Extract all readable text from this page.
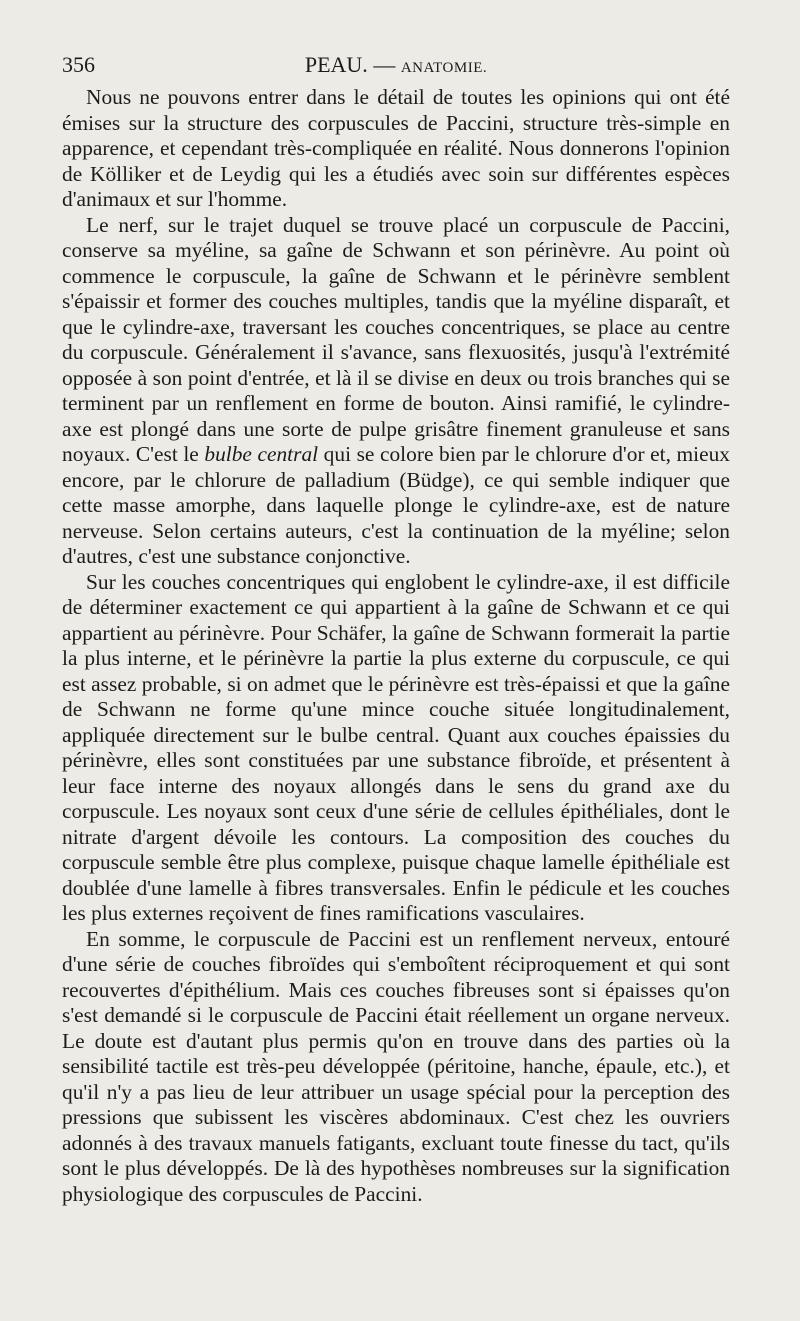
356	PEAU. — ANATOMIE.

Nous ne pouvons entrer dans le détail de toutes les opinions qui ont été émises sur la structure des corpuscules de Paccini, structure très-simple en apparence, et cependant très-compliquée en réalité. Nous donnerons l'opinion de Kölliker et de Leydig qui les a étudiés avec soin sur différentes espèces d'animaux et sur l'homme.

Le nerf, sur le trajet duquel se trouve placé un corpuscule de Paccini, conserve sa myéline, sa gaîne de Schwann et son périnèvre. Au point où commence le corpuscule, la gaîne de Schwann et le périnèvre semblent s'épaissir et former des couches multiples, tandis que la myéline disparaît, et que le cylindre-axe, traversant les couches concentriques, se place au centre du corpuscule. Généralement il s'avance, sans flexuosités, jusqu'à l'extrémité opposée à son point d'entrée, et là il se divise en deux ou trois branches qui se terminent par un renflement en forme de bouton. Ainsi ramifié, le cylindre-axe est plongé dans une sorte de pulpe grisâtre finement granuleuse et sans noyaux. C'est le bulbe central qui se colore bien par le chlorure d'or et, mieux encore, par le chlorure de palladium (Büdge), ce qui semble indiquer que cette masse amorphe, dans laquelle plonge le cylindre-axe, est de nature nerveuse. Selon certains auteurs, c'est la continuation de la myéline; selon d'autres, c'est une substance conjonctive.

Sur les couches concentriques qui englobent le cylindre-axe, il est difficile de déterminer exactement ce qui appartient à la gaîne de Schwann et ce qui appartient au périnèvre. Pour Schäfer, la gaîne de Schwann formerait la partie la plus interne, et le périnèvre la partie la plus externe du corpuscule, ce qui est assez probable, si on admet que le périnèvre est très-épaissi et que la gaîne de Schwann ne forme qu'une mince couche située longitudinalement, appliquée directement sur le bulbe central. Quant aux couches épaissies du périnèvre, elles sont constituées par une substance fibroïde, et présentent à leur face interne des noyaux allongés dans le sens du grand axe du corpuscule. Les noyaux sont ceux d'une série de cellules épithéliales, dont le nitrate d'argent dévoile les contours. La composition des couches du corpuscule semble être plus complexe, puisque chaque lamelle épithéliale est doublée d'une lamelle à fibres transversales. Enfin le pédicule et les couches les plus externes reçoivent de fines ramifications vasculaires.

En somme, le corpuscule de Paccini est un renflement nerveux, entouré d'une série de couches fibroïdes qui s'emboîtent réciproquement et qui sont recouvertes d'épithélium. Mais ces couches fibreuses sont si épaisses qu'on s'est demandé si le corpuscule de Paccini était réellement un organe nerveux. Le doute est d'autant plus permis qu'on en trouve dans des parties où la sensibilité tactile est très-peu développée (péritoine, hanche, épaule, etc.), et qu'il n'y a pas lieu de leur attribuer un usage spécial pour la perception des pressions que subissent les viscères abdominaux. C'est chez les ouvriers adonnés à des travaux manuels fatigants, excluant toute finesse du tact, qu'ils sont le plus développés. De là des hypothèses nombreuses sur la signification physiologique des corpuscules de Paccini.
